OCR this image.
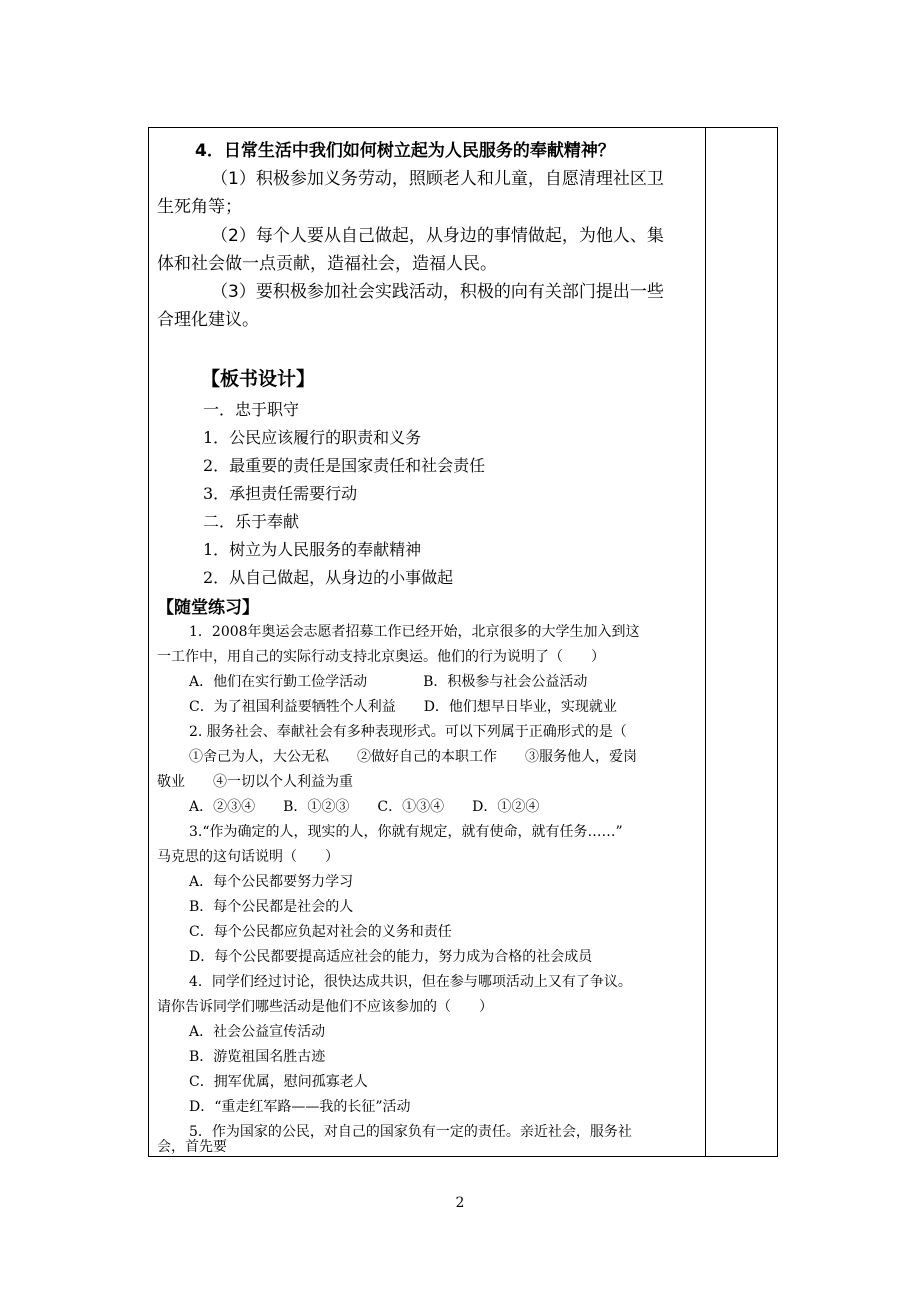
4．日常生活中我们如何树立起为人民服务的奉献精神？
（1）积极参加义务劳动，照顾老人和儿童，自愿清理社区卫
生死角等；
（2）每个人要从自己做起，从身边的事情做起，为他人、集
体和社会做一点贡献，造福社会，造福人民。
（3）要积极参加社会实践活动，积极的向有关部门提出一些
合理化建议。
【板书设计】
一．忠于职守
1．公民应该履行的职责和义务
2．最重要的责任是国家责任和社会责任
3．承担责任需要行动
二．乐于奉献
1．树立为人民服务的奉献精神
2．从自己做起，从身边的小事做起
【随堂练习】
1．2008年奥运会志愿者招募工作已经开始，北京很多的大学生加入到这
一工作中，用自己的实际行动支持北京奥运。他们的行为说明了（　　）
A．他们在实行勤工俭学活动　　　　B．积极参与社会公益活动
C．为了祖国利益要牺牲个人利益　　D．他们想早日毕业，实现就业
2. 服务社会、奉献社会有多种表现形式。可以下列属于正确形式的是（
①舍己为人，大公无私　　②做好自己的本职工作　　③服务他人，爱岗
敬业　　④一切以个人利益为重
A．②③④　　B．①②③　　C．①③④　　D．①②④
3.“作为确定的人，现实的人，你就有规定，就有使命，就有任务……”
马克思的这句话说明（　　）
A．每个公民都要努力学习
B．每个公民都是社会的人
C．每个公民都应负起对社会的义务和责任
D．每个公民都要提高适应社会的能力，努力成为合格的社会成员
4．同学们经过讨论，很快达成共识，但在参与哪项活动上又有了争议。
请你告诉同学们哪些活动是他们不应该参加的（　　）
A．社会公益宣传活动
B．游览祖国名胜古迹
C．拥军优属，慰问孤寡老人
D．“重走红军路——我的长征”活动
5．作为国家的公民，对自己的国家负有一定的责任。亲近社会，服务社
会，首先要
2
